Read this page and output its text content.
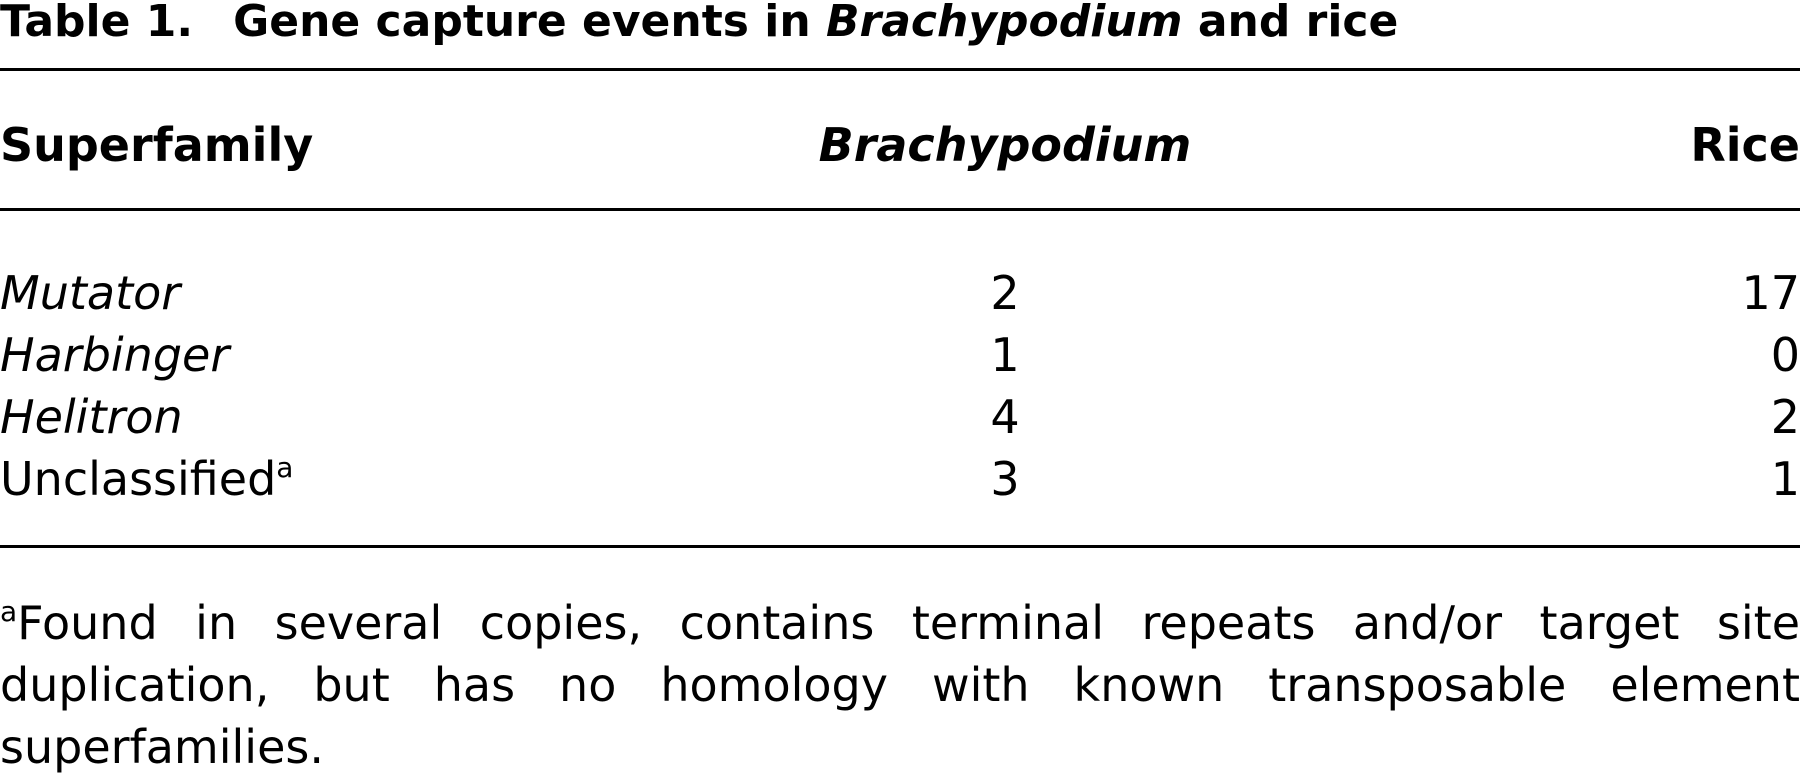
Table 1. Gene capture events in Brachypodium and rice
Superfamily	Brachypodium	Rice
Mutator	2	17
Harbinger	1	0
Helitron	4	2
Unclassified$^a$	3	1
$^a$Found in several copies, contains terminal repeats and/or target site duplication, but has no homology with known transposable element superfamilies.
